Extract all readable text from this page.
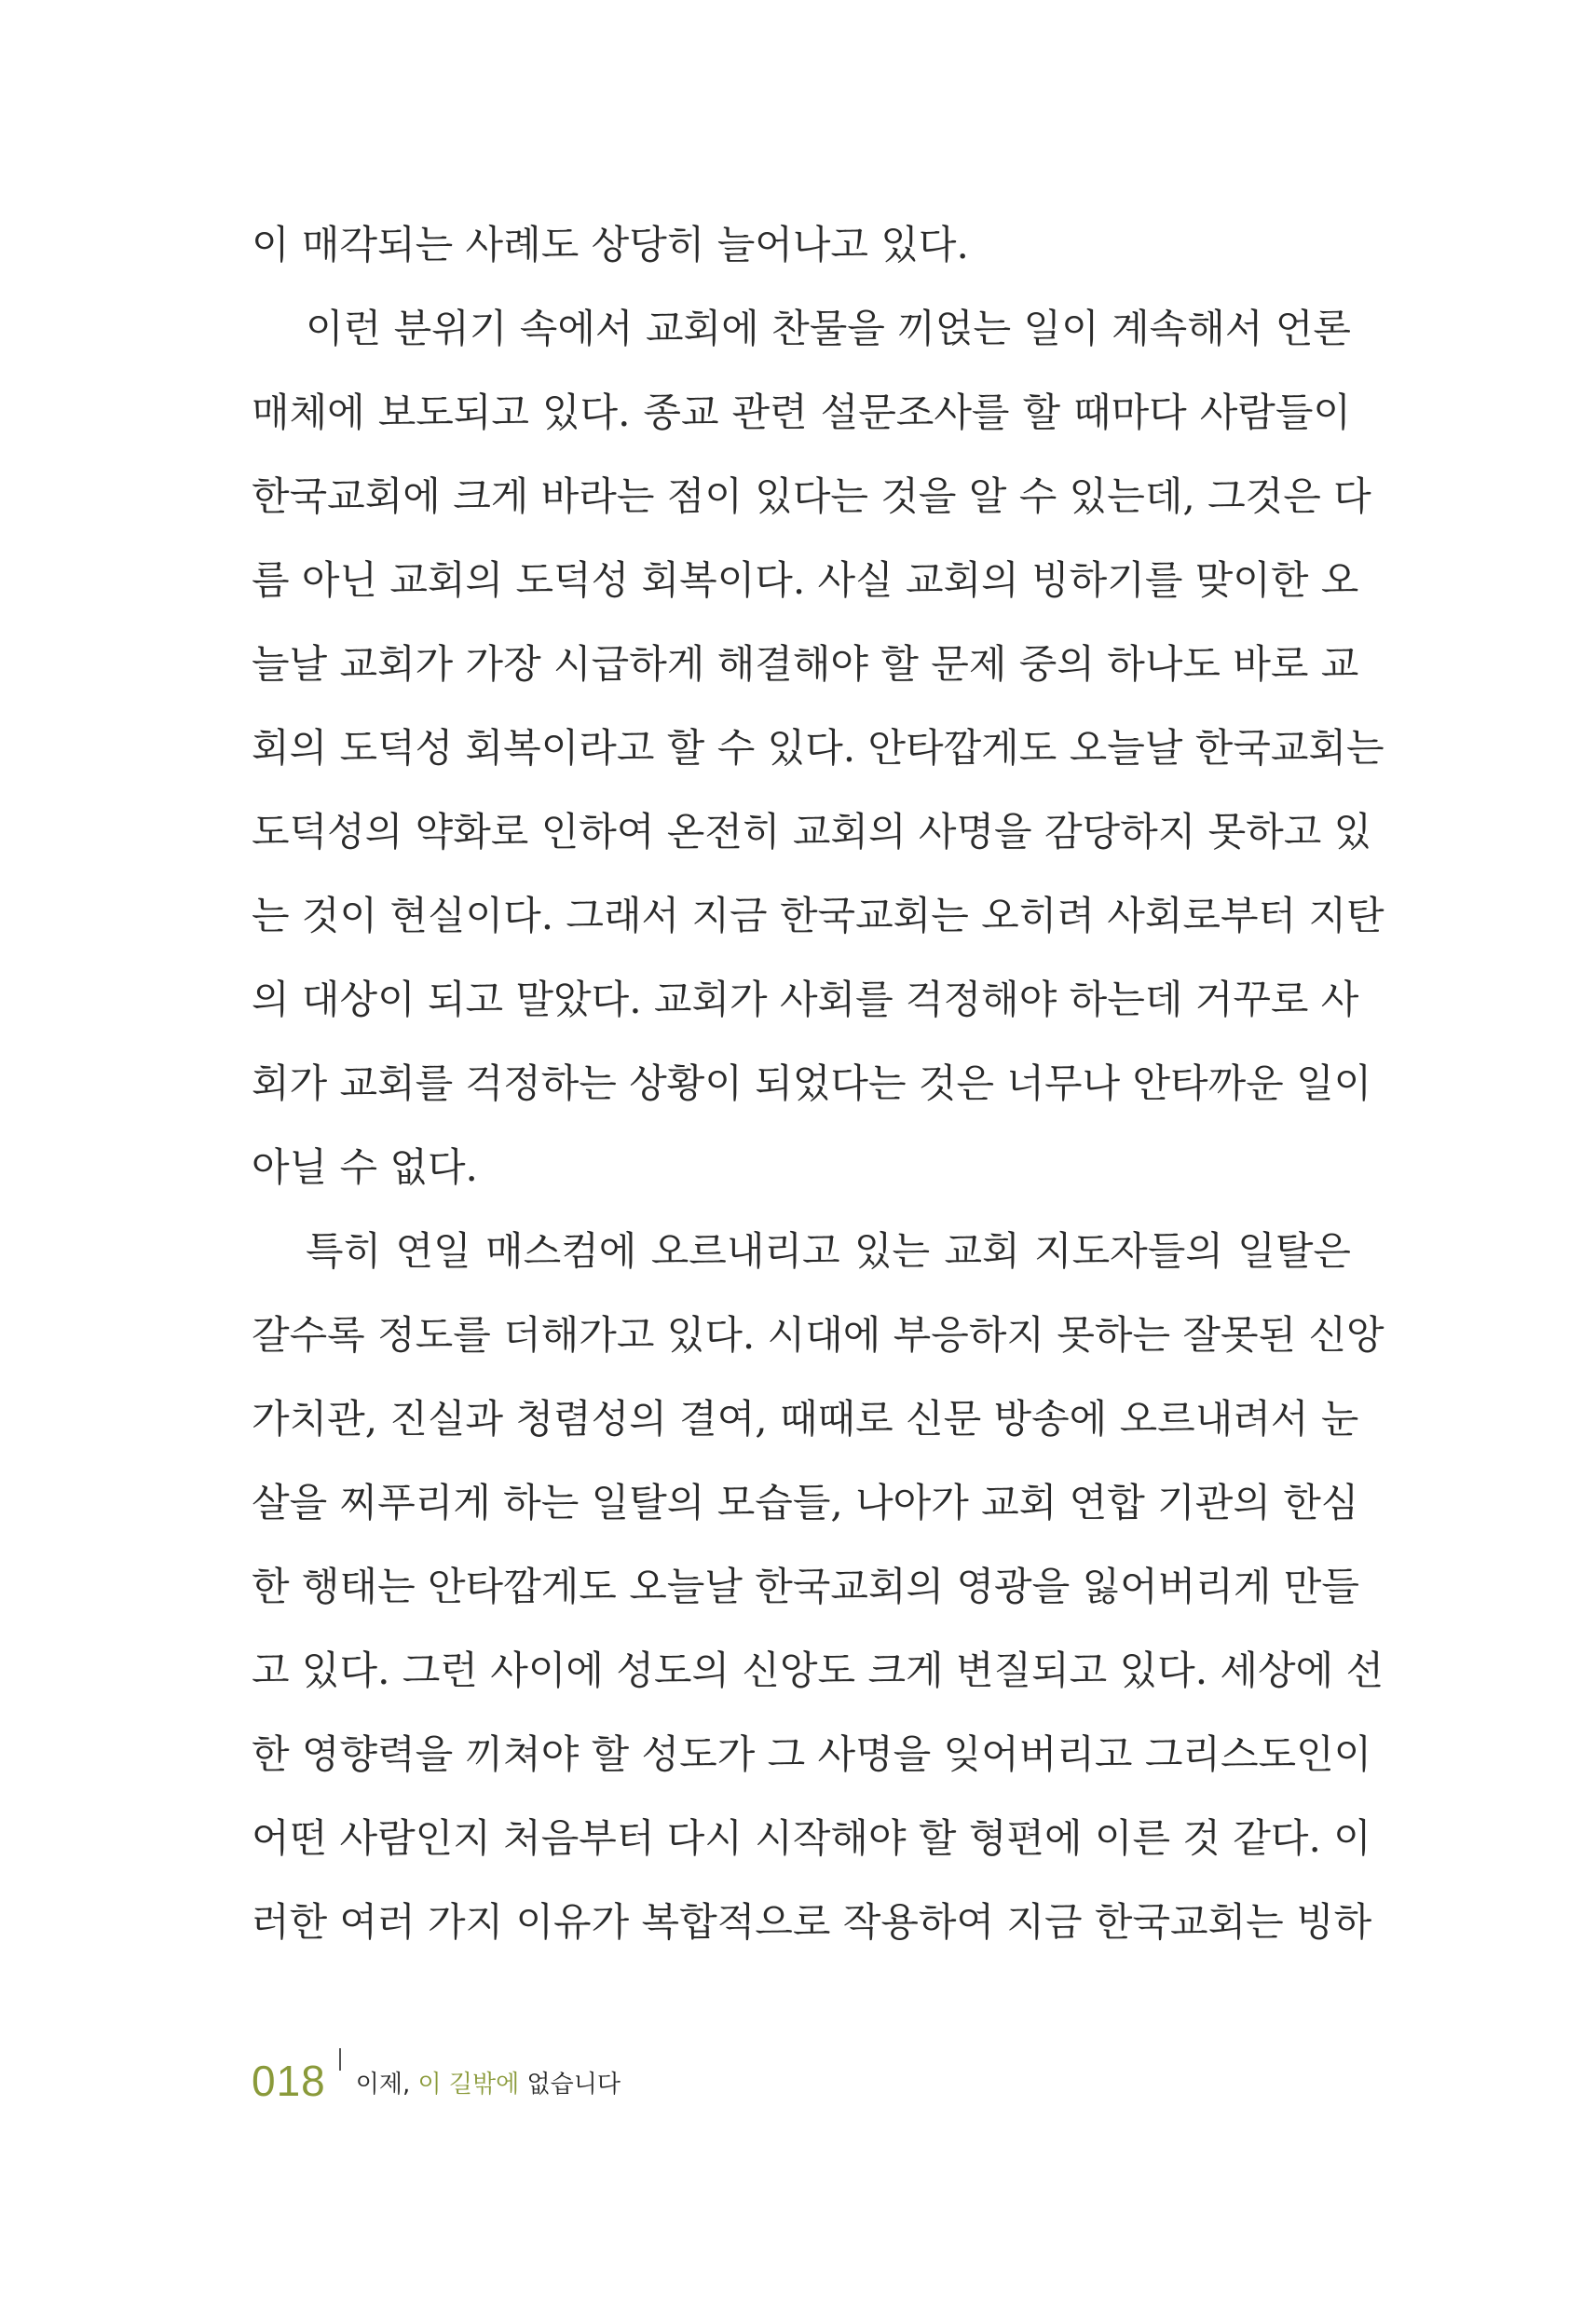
이 매각되는 사례도 상당히 늘어나고 있다.
이런 분위기 속에서 교회에 찬물을 끼얹는 일이 계속해서 언론
매체에 보도되고 있다. 종교 관련 설문조사를 할 때마다 사람들이
한국교회에 크게 바라는 점이 있다는 것을 알 수 있는데, 그것은 다
름 아닌 교회의 도덕성 회복이다. 사실 교회의 빙하기를 맞이한 오
늘날 교회가 가장 시급하게 해결해야 할 문제 중의 하나도 바로 교
회의 도덕성 회복이라고 할 수 있다. 안타깝게도 오늘날 한국교회는
도덕성의 약화로 인하여 온전히 교회의 사명을 감당하지 못하고 있
는 것이 현실이다. 그래서 지금 한국교회는 오히려 사회로부터 지탄
의 대상이 되고 말았다. 교회가 사회를 걱정해야 하는데 거꾸로 사
회가 교회를 걱정하는 상황이 되었다는 것은 너무나 안타까운 일이
아닐 수 없다.
특히 연일 매스컴에 오르내리고 있는 교회 지도자들의 일탈은
갈수록 정도를 더해가고 있다. 시대에 부응하지 못하는 잘못된 신앙
가치관, 진실과 청렴성의 결여, 때때로 신문 방송에 오르내려서 눈
살을 찌푸리게 하는 일탈의 모습들, 나아가 교회 연합 기관의 한심
한 행태는 안타깝게도 오늘날 한국교회의 영광을 잃어버리게 만들
고 있다. 그런 사이에 성도의 신앙도 크게 변질되고 있다. 세상에 선
한 영향력을 끼쳐야 할 성도가 그 사명을 잊어버리고 그리스도인이
어떤 사람인지 처음부터 다시 시작해야 할 형편에 이른 것 같다. 이
러한 여러 가지 이유가 복합적으로 작용하여 지금 한국교회는 빙하
018 이제, 이 길밖에 없습니다
